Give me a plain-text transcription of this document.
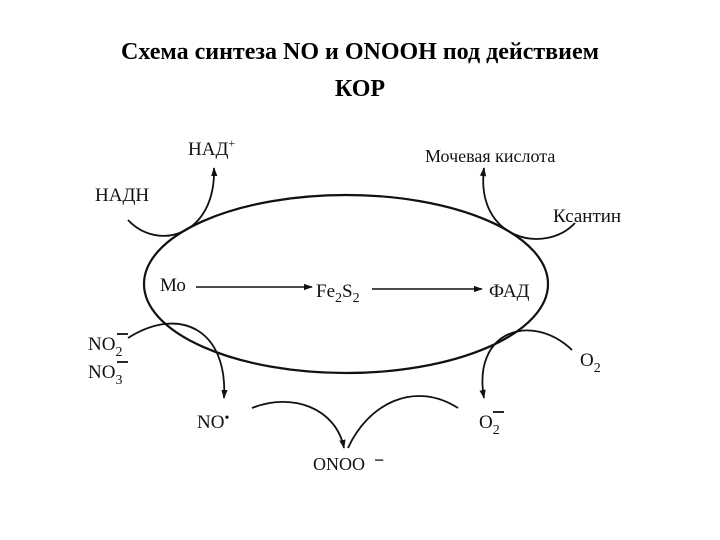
Схема синтеза NO и ONOOH под действием
КОР
НАД+
НАДН
Мочевая кислота
Ксантин
Мо	$Fe_2S_2$	ФАД
$NO_2$
$NO_3$
NO•
$O_2$
$O_2$
ONOO −
